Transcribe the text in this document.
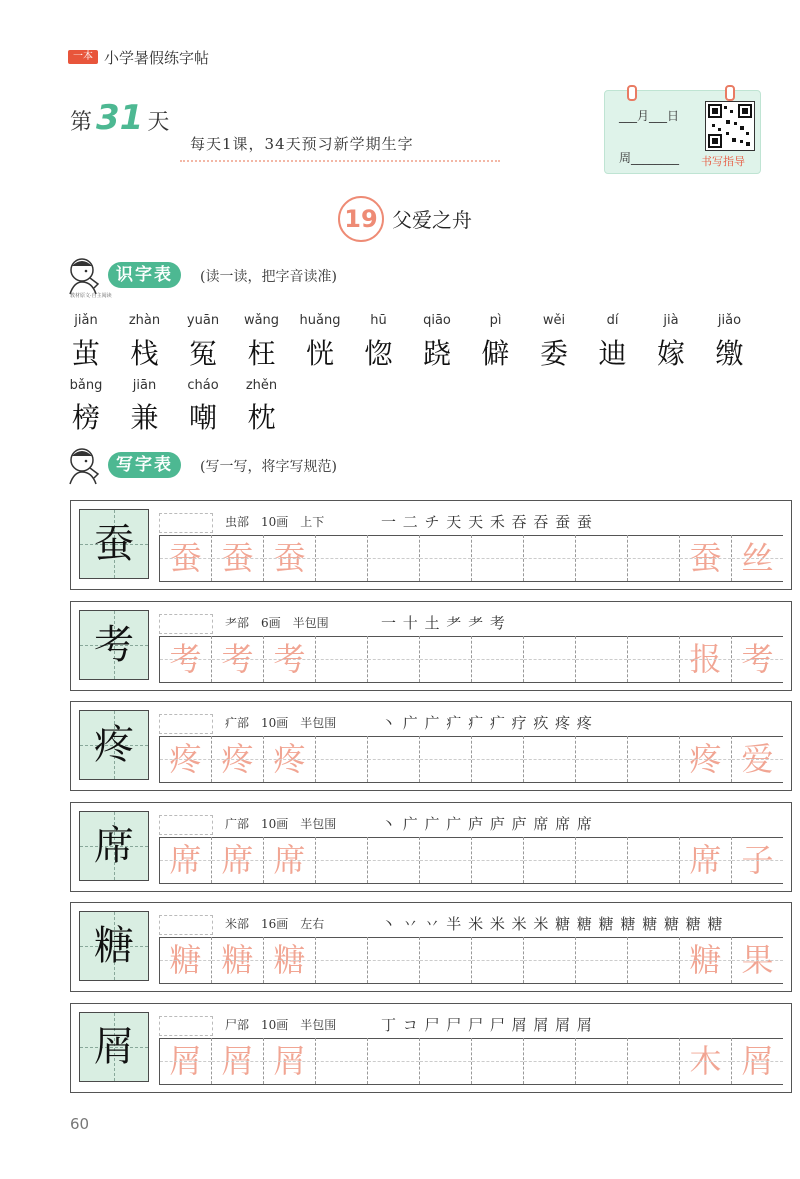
一本 小学暑假练字帖
第 31 天
每天1课，34天预习新学期生字
___月___日
周________ 书写指导
19 父爱之舟
识字表	(读一读，把字音读准)
教材原文·自主阅读
jiǎn
茧
zhàn
栈
yuān
冤
wǎng
枉
huǎng
恍
hū
惚
qiāo
跷
pì
僻
wěi
委
dí
迪
jià
嫁
jiǎo
缴
bǎng
榜
jiān
兼
cháo
嘲
zhěn
枕
写字表	(写一写，将字写规范)
蚕	虫部　10画　上下	一 二 チ 天 天 禾 吞 吞 蚕 蚕
蚕 蚕 蚕	蚕 丝
考	耂部　6画　半包围	一 十 土 耂 耂 考
考 考 考	报 考
疼	疒部　10画　半包围	丶 广 广 疒 疒 疒 疗 疚 疼 疼
疼 疼 疼	疼 爱
席	广部　10画　半包围	丶 广 广 广 庐 庐 庐 席 席 席
席 席 席	席 子
糖	米部　16画　左右	丶 丷 丷 半 米 米 米 米 糖 糖 糖 糖 糖 糖 糖 糖
糖 糖 糖	糖 果
屑	尸部　10画　半包围	丁 コ 尸 尸 尸 尸 屑 屑 屑 屑
屑 屑 屑	木 屑
60
